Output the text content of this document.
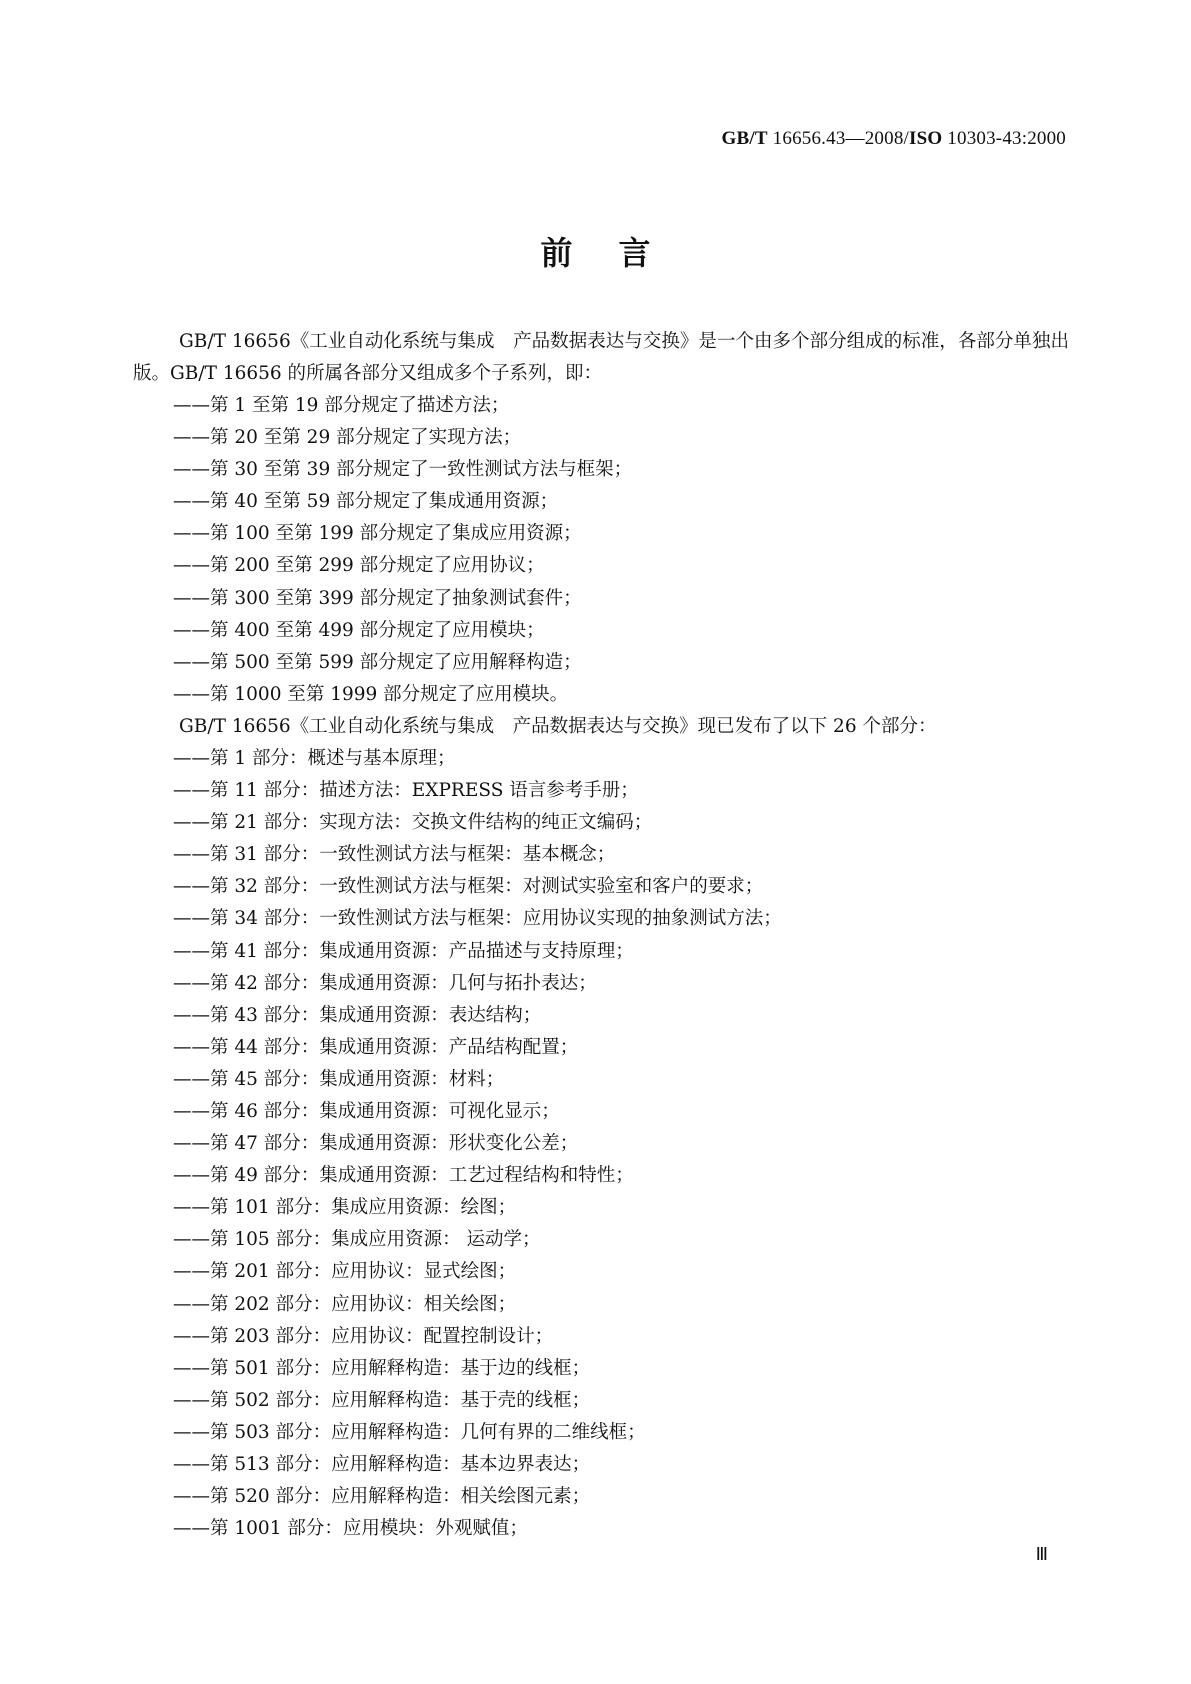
GB/T 16656.43—2008/ISO 10303-43:2000
前言

GB/T 16656《工业自动化系统与集成　产品数据表达与交换》是一个由多个部分组成的标准，各部分单独出版。GB/T 16656 的所属各部分又组成多个子系列，即：

——第 1 至第 19 部分规定了描述方法；
——第 20 至第 29 部分规定了实现方法；
——第 30 至第 39 部分规定了一致性测试方法与框架；
——第 40 至第 59 部分规定了集成通用资源；
——第 100 至第 199 部分规定了集成应用资源；
——第 200 至第 299 部分规定了应用协议；
——第 300 至第 399 部分规定了抽象测试套件；
——第 400 至第 499 部分规定了应用模块；
——第 500 至第 599 部分规定了应用解释构造；
——第 1000 至第 1999 部分规定了应用模块。

GB/T 16656《工业自动化系统与集成　产品数据表达与交换》现已发布了以下 26 个部分：

——第 1 部分：概述与基本原理；
——第 11 部分：描述方法：EXPRESS 语言参考手册；
——第 21 部分：实现方法：交换文件结构的纯正文编码；
——第 31 部分：一致性测试方法与框架：基本概念；
——第 32 部分：一致性测试方法与框架：对测试实验室和客户的要求；
——第 34 部分：一致性测试方法与框架：应用协议实现的抽象测试方法；
——第 41 部分：集成通用资源：产品描述与支持原理；
——第 42 部分：集成通用资源：几何与拓扑表达；
——第 43 部分：集成通用资源：表达结构；
——第 44 部分：集成通用资源：产品结构配置；
——第 45 部分：集成通用资源：材料；
——第 46 部分：集成通用资源：可视化显示；
——第 47 部分：集成通用资源：形状变化公差；
——第 49 部分：集成通用资源：工艺过程结构和特性；
——第 101 部分：集成应用资源：绘图；
——第 105 部分：集成应用资源： 运动学；
——第 201 部分：应用协议：显式绘图；
——第 202 部分：应用协议：相关绘图；
——第 203 部分：应用协议：配置控制设计；
——第 501 部分：应用解释构造：基于边的线框；
——第 502 部分：应用解释构造：基于壳的线框；
——第 503 部分：应用解释构造：几何有界的二维线框；
——第 513 部分：应用解释构造：基本边界表达；
——第 520 部分：应用解释构造：相关绘图元素；
——第 1001 部分：应用模块：外观赋值；
Ⅲ
